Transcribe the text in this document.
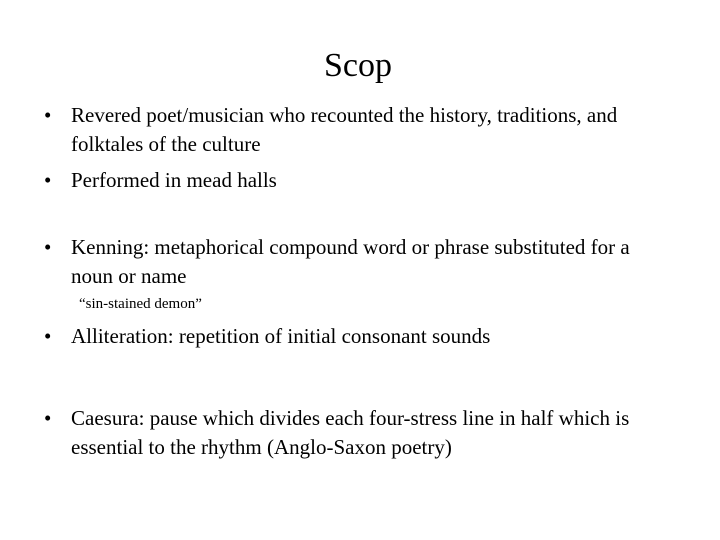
Scop
• Revered poet/musician who recounted the history, traditions, and folktales of the culture
• Performed in mead halls
• Kenning: metaphorical compound word or phrase substituted for a noun or name
“sin-stained demon”
• Alliteration: repetition of initial consonant sounds
• Caesura: pause which divides each four-stress line in half which is essential to the rhythm (Anglo-Saxon poetry)
